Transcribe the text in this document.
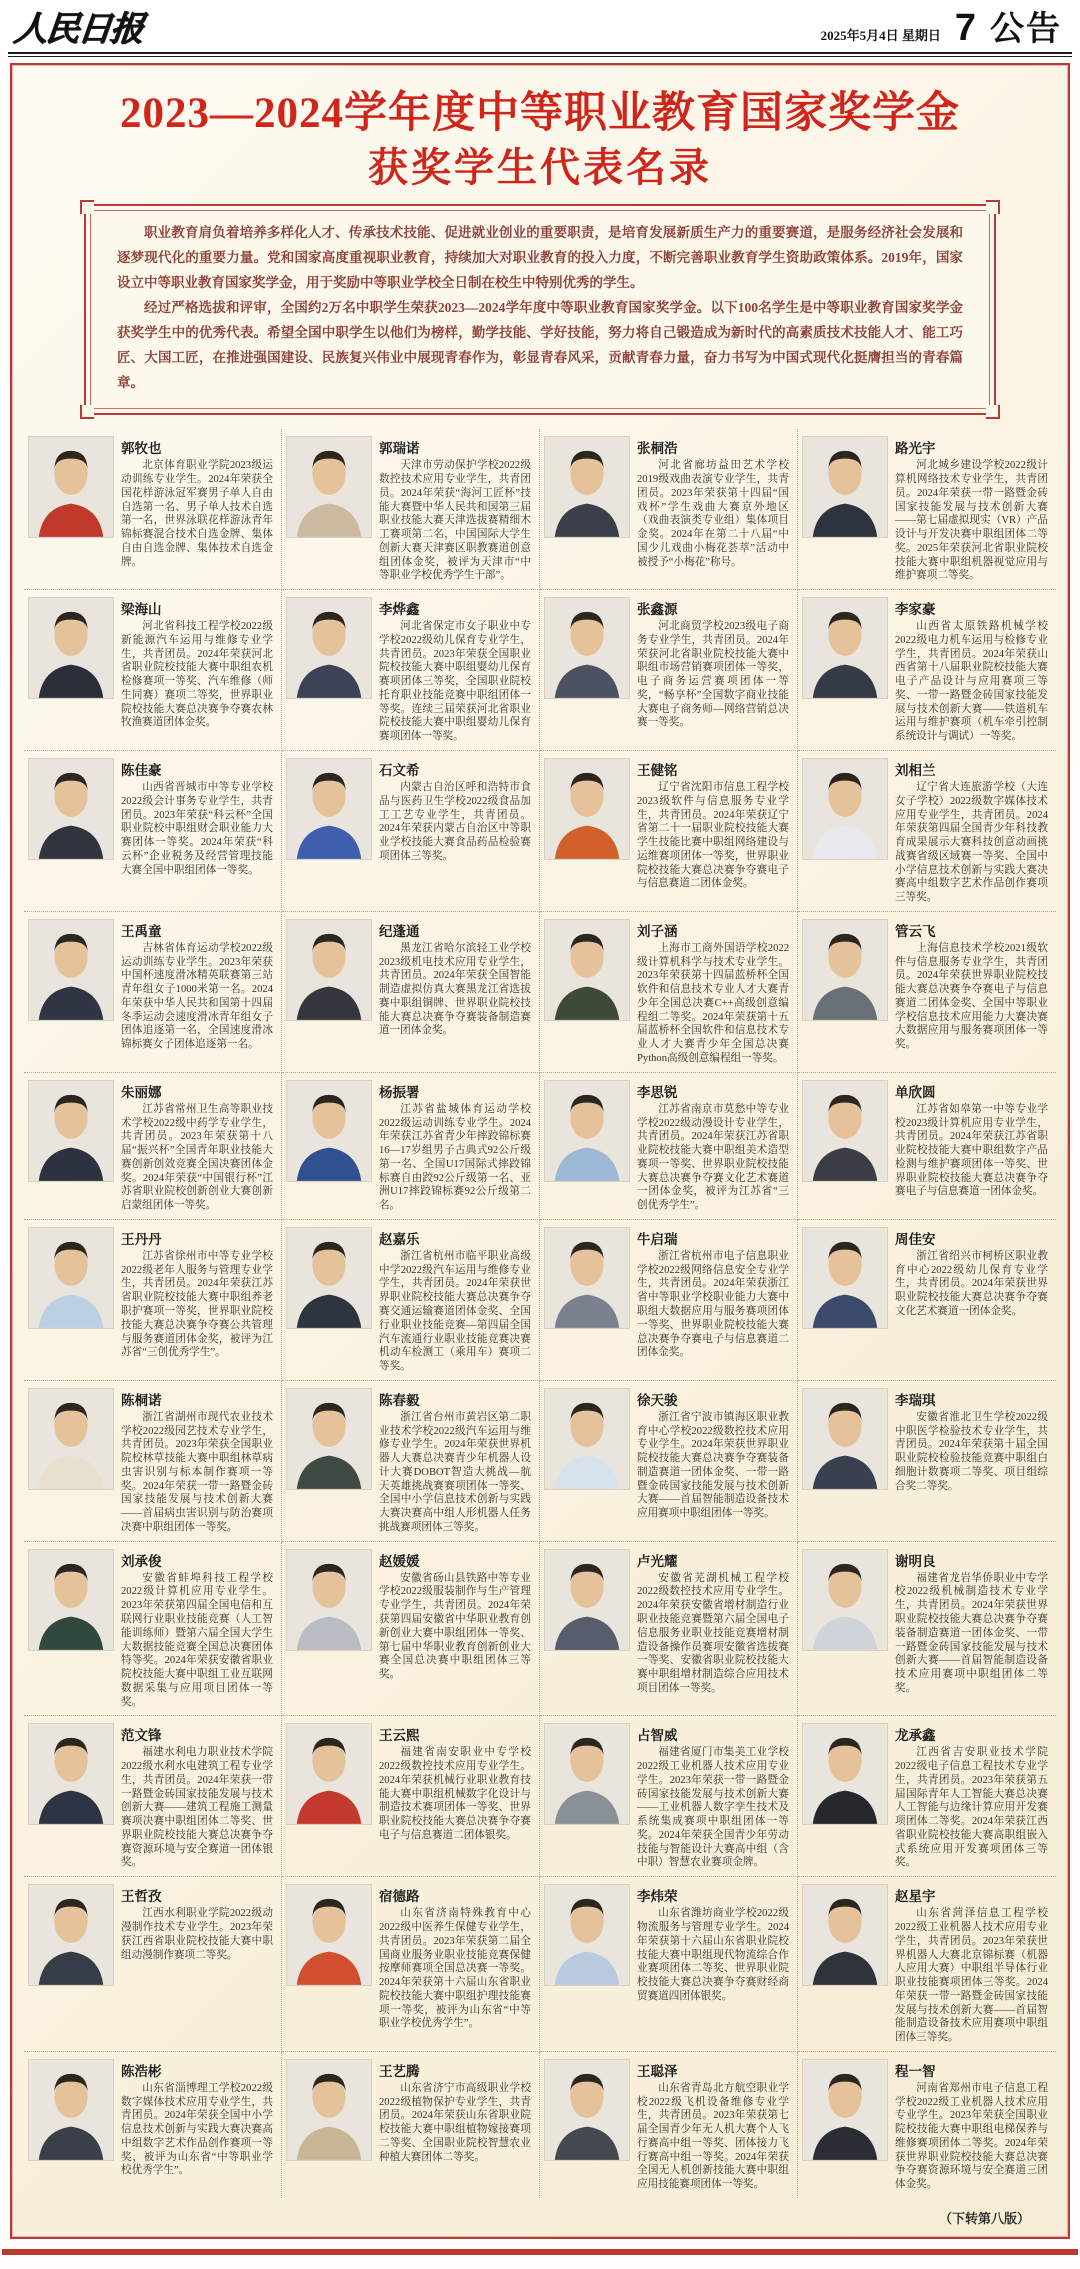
人民日报	2025年5月4日 星期日 7 公告
2023—2024学年度中等职业教育国家奖学金
获奖学生代表名录

职业教育肩负着培养多样化人才、传承技术技能、促进就业创业的重要职责，是培育发展新质生产力的重要赛道，是服务经济社会发展和逐梦现代化的重要力量。党和国家高度重视职业教育，持续加大对职业教育的投入力度，不断完善职业教育学生资助政策体系。2019年，国家设立中等职业教育国家奖学金，用于奖励中等职业学校全日制在校生中特别优秀的学生。

经过严格选拔和评审，全国约2万名中职学生荣获2023—2024学年度中等职业教育国家奖学金。以下100名学生是中等职业教育国家奖学金获奖学生中的优秀代表。希望全国中职学生以他们为榜样，勤学技能、学好技能，努力将自己锻造成为新时代的高素质技术技能人才、能工巧匠、大国工匠，在推进强国建设、民族复兴伟业中展现青春作为，彰显青春风采，贡献青春力量，奋力书写为中国式现代化挺膺担当的青春篇章。

郭牧也

北京体育职业学院2023级运动训练专业学生。2024年荣获全国花样游泳冠军赛男子单人自由自选第一名、男子单人技术自选第一名，世界泳联花样游泳青年锦标赛混合技术自选金牌、集体自由自选金牌、集体技术自选金牌。

郭瑞诺

天津市劳动保护学校2022级数控技术应用专业学生，共青团员。2024年荣获“海河工匠杯”技能大赛暨中华人民共和国第三届职业技能大赛天津选拔赛精细木工赛项第二名，中国国际大学生创新大赛天津赛区职教赛道创意组团体金奖，被评为天津市“中等职业学校优秀学生干部”。

张桐浩

河北省廊坊益田艺术学校2019级戏曲表演专业学生，共青团员。2023年荣获第十四届“国戏杯”学生戏曲大赛京外地区（戏曲表演类专业组）集体项目金奖。2024年在第二十八届“中国少儿戏曲小梅花荟萃”活动中被授予“小梅花”称号。

路光宇

河北城乡建设学校2022级计算机网络技术专业学生，共青团员。2024年荣获一带一路暨金砖国家技能发展与技术创新大赛——第七届虚拟现实（VR）产品设计与开发决赛中职组团体二等奖。2025年荣获河北省职业院校技能大赛中职组机器视觉应用与维护赛项二等奖。

梁海山

河北省科技工程学校2022级新能源汽车运用与维修专业学生，共青团员。2024年荣获河北省职业院校技能大赛中职组农机检修赛项一等奖、汽车维修（师生同赛）赛项二等奖，世界职业院校技能大赛总决赛争夺赛农林牧渔赛道团体金奖。

李烨鑫

河北省保定市女子职业中专学校2022级幼儿保育专业学生，共青团员。2023年荣获全国职业院校技能大赛中职组婴幼儿保育赛项团体三等奖，全国职业院校托育职业技能竞赛中职组团体一等奖。连续三届荣获河北省职业院校技能大赛中职组婴幼儿保育赛项团体一等奖。

张鑫源

河北商贸学校2023级电子商务专业学生，共青团员。2024年荣获河北省职业院校技能大赛中职组市场营销赛项团体一等奖，电子商务运营赛项团体一等奖，“畅享杯”全国数字商业技能大赛电子商务师—网络营销总决赛一等奖。

李家豪

山西省太原铁路机械学校2022级电力机车运用与检修专业学生，共青团员。2024年荣获山西省第十八届职业院校技能大赛电子产品设计与应用赛项三等奖、一带一路暨金砖国家技能发展与技术创新大赛——铁道机车运用与维护赛项（机车牵引控制系统设计与调试）一等奖。

陈佳豪

山西省晋城市中等专业学校2022级会计事务专业学生，共青团员。2023年荣获“科云杯”全国职业院校中职组财会职业能力大赛团体一等奖。2024年荣获“科云杯”企业税务及经营管理技能大赛全国中职组团体一等奖。

石文希

内蒙古自治区呼和浩特市食品与医药卫生学校2022级食品加工工艺专业学生，共青团员。2024年荣获内蒙古自治区中等职业学校技能大赛食品药品检验赛项团体三等奖。

王健铭

辽宁省沈阳市信息工程学校2023级软件与信息服务专业学生，共青团员。2024年荣获辽宁省第二十一届职业院校技能大赛学生技能比赛中职组网络建设与运维赛项团体一等奖，世界职业院校技能大赛总决赛争夺赛电子与信息赛道二团体金奖。

刘相兰

辽宁省大连旅游学校（大连女子学校）2022级数字媒体技术应用专业学生，共青团员。2024年荣获第四届全国青少年科技教育成果展示大赛科技创意动画挑战赛省级区域赛一等奖、全国中小学信息技术创新与实践大赛决赛高中组数字艺术作品创作赛项三等奖。

王禹童

吉林省体育运动学校2022级运动训练专业学生。2023年荣获中国杯速度滑冰精英联赛第三站青年组女子1000米第一名。2024年荣获中华人民共和国第十四届冬季运动会速度滑冰青年组女子团体追逐第一名，全国速度滑冰锦标赛女子团体追逐第一名。

纪蓬通

黑龙江省哈尔滨轻工业学校2023级机电技术应用专业学生，共青团员。2024年荣获全国智能制造虚拟仿真大赛黑龙江省选拔赛中职组铜牌、世界职业院校技能大赛总决赛争夺赛装备制造赛道一团体金奖。

刘子涵

上海市工商外国语学校2022级计算机科学与技术专业学生。2023年荣获第十四届蓝桥杯全国软件和信息技术专业人才大赛青少年全国总决赛C++高级创意编程组二等奖。2024年荣获第十五届蓝桥杯全国软件和信息技术专业人才大赛青少年全国总决赛Python高级创意编程组一等奖。

管云飞

上海信息技术学校2021级软件与信息服务专业学生，共青团员。2024年荣获世界职业院校技能大赛总决赛争夺赛电子与信息赛道二团体金奖、全国中等职业学校信息技术应用能力大赛决赛大数据应用与服务赛项团体一等奖。

朱丽娜

江苏省常州卫生高等职业技术学校2022级中药学专业学生，共青团员。2023年荣获第十八届“振兴杯”全国青年职业技能大赛创新创效竞赛全国决赛团体金奖。2024年荣获“中国银行杯”江苏省职业院校创新创业大赛创新启蒙组团体一等奖。

杨振署

江苏省盐城体育运动学校2022级运动训练专业学生。2024年荣获江苏省青少年摔跤锦标赛16—17岁组男子古典式92公斤级第一名、全国U17国际式摔跤锦标赛自由跤92公斤级第一名、亚洲U17摔跤锦标赛92公斤级第二名。

李思锐

江苏省南京市莫愁中等专业学校2022级动漫设计专业学生，共青团员。2024年荣获江苏省职业院校技能大赛中职组美术造型赛项一等奖、世界职业院校技能大赛总决赛争夺赛文化艺术赛道一团体金奖，被评为江苏省“三创优秀学生”。

单欣圆

江苏省如皋第一中等专业学校2023级计算机应用专业学生，共青团员。2024年荣获江苏省职业院校技能大赛中职组数字产品检测与维护赛项团体一等奖、世界职业院校技能大赛总决赛争夺赛电子与信息赛道一团体金奖。

王丹丹

江苏省徐州市中等专业学校2022级老年人服务与管理专业学生，共青团员。2024年荣获江苏省职业院校技能大赛中职组养老职护赛项一等奖，世界职业院校技能大赛总决赛争夺赛公共管理与服务赛道团体金奖，被评为江苏省“三创优秀学生”。

赵嘉乐

浙江省杭州市临平职业高级中学2022级汽车运用与维修专业学生，共青团员。2024年荣获世界职业院校技能大赛总决赛争夺赛交通运输赛道团体金奖、全国行业职业技能竞赛—第四届全国汽车流通行业职业技能竞赛决赛机动车检测工（乘用车）赛项二等奖。

牛启瑞

浙江省杭州市电子信息职业学校2022级网络信息安全专业学生，共青团员。2024年荣获浙江省中等职业学校职业能力大赛中职组大数据应用与服务赛项团体一等奖、世界职业院校技能大赛总决赛争夺赛电子与信息赛道二团体金奖。

周佳安

浙江省绍兴市柯桥区职业教育中心2022级幼儿保育专业学生，共青团员。2024年荣获世界职业院校技能大赛总决赛争夺赛文化艺术赛道一团体金奖。

陈桐诺

浙江省湖州市现代农业技术学校2022级园艺技术专业学生，共青团员。2023年荣获全国职业院校林草技能大赛中职组林草病虫害识别与标本制作赛项一等奖。2024年荣获一带一路暨金砖国家技能发展与技术创新大赛——首届病虫害识别与防治赛项决赛中职组团体一等奖。

陈春毅

浙江省台州市黄岩区第二职业技术学校2022级汽车运用与维修专业学生。2024年荣获世界机器人大赛总决赛青少年机器人设计大赛DOBOT智造大挑战—航天英雄挑战赛赛项团体一等奖、全国中小学信息技术创新与实践大赛决赛高中组人形机器人任务挑战赛项团体三等奖。

徐天骏

浙江省宁波市镇海区职业教育中心学校2022级数控技术应用专业学生。2024年荣获世界职业院校技能大赛总决赛争夺赛装备制造赛道一团体金奖、一带一路暨金砖国家技能发展与技术创新大赛——首届智能制造设备技术应用赛项中职组团体一等奖。

李瑞琪

安徽省淮北卫生学校2022级中职医学检验技术专业学生，共青团员。2024年荣获第十届全国职业院校检验技能竞赛中职组白细胞计数赛项二等奖、项目组综合奖二等奖。

刘承俊

安徽省蚌埠科技工程学校2022级计算机应用专业学生。2023年荣获第四届全国电信和互联网行业职业技能竞赛（人工智能训练师）暨第六届全国大学生大数据技能竞赛全国总决赛团体特等奖。2024年荣获安徽省职业院校技能大赛中职组工业互联网数据采集与应用项目团体一等奖。

赵媛媛

安徽省砀山县铁路中等专业学校2022级服装制作与生产管理专业学生，共青团员。2024年荣获第四届安徽省中华职业教育创新创业大赛中职组团体一等奖、第七届中华职业教育创新创业大赛全国总决赛中职组团体三等奖。

卢光耀

安徽省芜湖机械工程学校2022级数控技术应用专业学生。2024年荣获安徽省增材制造行业职业技能竞赛暨第六届全国电子信息服务业职业技能竞赛增材制造设备操作员赛项安徽省选拔赛一等奖、安徽省职业院校技能大赛中职组增材制造综合应用技术项目团体一等奖。

谢明良

福建省龙岩华侨职业中专学校2022级机械制造技术专业学生，共青团员。2024年荣获世界职业院校技能大赛总决赛争夺赛装备制造赛道一团体金奖、一带一路暨金砖国家技能发展与技术创新大赛——首届智能制造设备技术应用赛项中职组团体二等奖。

范文锋

福建水利电力职业技术学院2022级水利水电建筑工程专业学生，共青团员。2024年荣获一带一路暨金砖国家技能发展与技术创新大赛——建筑工程施工测量赛项决赛中职组团体二等奖、世界职业院校技能大赛总决赛争夺赛资源环境与安全赛道一团体银奖。

王云熙

福建省南安职业中专学校2022级数控技术应用专业学生。2024年荣获机械行业职业教育技能大赛中职组机械数字化设计与制造技术赛项团体一等奖、世界职业院校技能大赛总决赛争夺赛电子与信息赛道二团体银奖。

占智威

福建省厦门市集美工业学校2022级工业机器人技术应用专业学生。2023年荣获一带一路暨金砖国家技能发展与技术创新大赛——工业机器人数字孪生技术及系统集成赛项中职组团体一等奖。2024年荣获全国青少年劳动技能与智能设计大赛高中组（含中职）智慧农业赛项金牌。

龙承鑫

江西省吉安职业技术学院2022级电子信息工程技术专业学生，共青团员。2023年荣获第五届国际青年人工智能大赛总决赛人工智能与边缘计算应用开发赛项团体二等奖。2024年荣获江西省职业院校技能大赛高职组嵌入式系统应用开发赛项团体三等奖。

王哲孜

江西水利职业学院2022级动漫制作技术专业学生。2023年荣获江西省职业院校技能大赛中职组动漫制作赛项二等奖。

宿德路

山东省济南特殊教育中心2022级中医养生保健专业学生，共青团员。2023年荣获第二届全国商业服务业职业技能竞赛保健按摩师赛项全国总决赛一等奖。2024年荣获第十六届山东省职业院校技能大赛中职组护理技能赛项一等奖，被评为山东省“中等职业学校优秀学生”。

李炜荣

山东省潍坊商业学校2022级物流服务与管理专业学生。2024年荣获第十六届山东省职业院校技能大赛中职组现代物流综合作业赛项团体二等奖、世界职业院校技能大赛总决赛争夺赛财经商贸赛道四团体银奖。

赵星宇

山东省菏泽信息工程学校2022级工业机器人技术应用专业学生，共青团员。2023年荣获世界机器人大赛北京锦标赛（机器人应用大赛）中职组半导体行业职业技能赛项团体三等奖。2024年荣获一带一路暨金砖国家技能发展与技术创新大赛——首届智能制造设备技术应用赛项中职组团体三等奖。

陈浩彬

山东省淄博理工学校2022级数字媒体技术应用专业学生，共青团员。2024年荣获全国中小学信息技术创新与实践大赛决赛高中组数字艺术作品创作赛项一等奖，被评为山东省“中等职业学校优秀学生”。

王艺腾

山东省济宁市高级职业学校2022级植物保护专业学生，共青团员。2024年荣获山东省职业院校技能大赛中职组植物嫁接赛项二等奖、全国职业院校智慧农业种植大赛团体二等奖。

王聪泽

山东省青岛北方航空职业学校2022级飞机设备维修专业学生，共青团员。2023年荣获第七届全国青少年无人机大赛个人飞行赛高中组一等奖、团体接力飞行赛高中组一等奖。2024年荣获全国无人机创新技能大赛中职组应用技能赛项团体一等奖。

程一智

河南省郑州市电子信息工程学校2022级工业机器人技术应用专业学生。2023年荣获全国职业院校技能大赛中职组电梯保养与维修赛项团体二等奖。2024年荣获世界职业院校技能大赛总决赛争夺赛资源环境与安全赛道三团体金奖。

（下转第八版）
